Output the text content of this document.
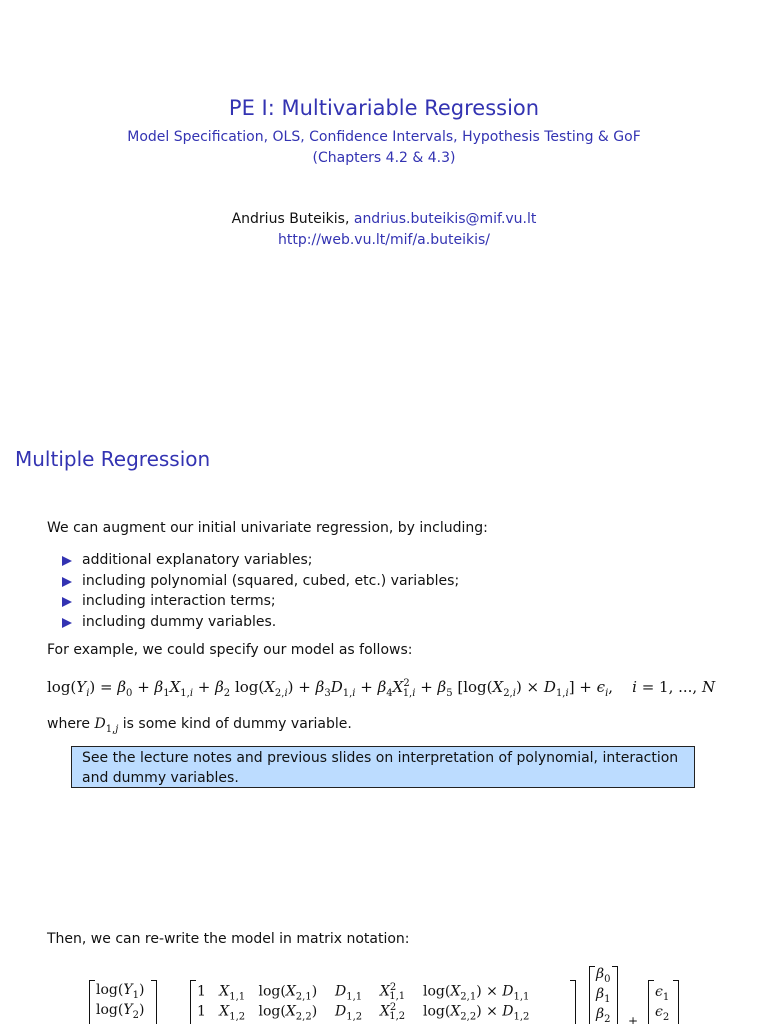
PE I: Multivariable Regression
Model Specification, OLS, Confidence Intervals, Hypothesis Testing & GoF
(Chapters 4.2 & 4.3)
Andrius Buteikis, andrius.buteikis@mif.vu.lt
http://web.vu.lt/mif/a.buteikis/
Multiple Regression
We can augment our initial univariate regression, by including:
additional explanatory variables;
including polynomial (squared, cubed, etc.) variables;
including interaction terms;
including dummy variables.
For example, we could specify our model as follows:
$\log(Y_i) = \beta_0 + \beta_1X_{1,i} + \beta_2$ $\log(X_{2,i}) + \beta_3D_{1,i} + \beta_4X^2_{1,i} + \beta_5$ $[\log(X_{2,i}) \times D_{1,i}] + \epsilon_i$,    i = 1, ..., N
where $D_{1,j}$ is some kind of dummy variable.
See the lecture notes and previous slides on interpretation of polynomial, interaction and dummy variables.
Then, we can re-write the model in matrix notation:
$\log(Y_1)$
$\log(Y_2)$
1   $X_{1,1}$   $\log(X_{2,1})$    $D_{1,1}$ $X^2_{1,1}$    $\log(X_{2,1}) \times D_{1,1}$
1   $X_{1,2}$   $\log(X_{2,2})$    $D_{1,2}$ $X^2_{1,2}$    $\log(X_{2,2}) \times D_{1,2}$
$\beta_0$
$\beta_1$
$\beta_2$ +
$\epsilon_1$
$\epsilon_2$
